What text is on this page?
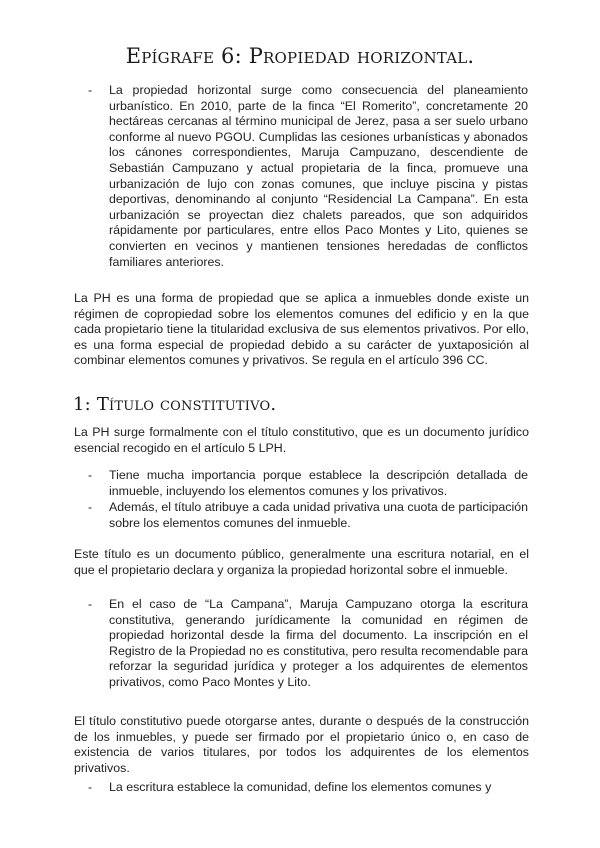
Epígrafe 6: Propiedad horizontal.
- La propiedad horizontal surge como consecuencia del planeamiento urbanístico. En 2010, parte de la finca “El Romerito”, concretamente 20 hectáreas cercanas al término municipal de Jerez, pasa a ser suelo urbano conforme al nuevo PGOU. Cumplidas las cesiones urbanísticas y abonados los cánones correspondientes, Maruja Campuzano, descendiente de Sebastián Campuzano y actual propietaria de la finca, promueve una urbanización de lujo con zonas comunes, que incluye piscina y pistas deportivas, denominando al conjunto “Residencial La Campana”. En esta urbanización se proyectan diez chalets pareados, que son adquiridos rápidamente por particulares, entre ellos Paco Montes y Lito, quienes se convierten en vecinos y mantienen tensiones heredadas de conflictos familiares anteriores.

La PH es una forma de propiedad que se aplica a inmuebles donde existe un régimen de copropiedad sobre los elementos comunes del edificio y en la que cada propietario tiene la titularidad exclusiva de sus elementos privativos. Por ello, es una forma especial de propiedad debido a su carácter de yuxtaposición al combinar elementos comunes y privativos. Se regula en el artículo 396 CC.

1: Título constitutivo.

La PH surge formalmente con el título constitutivo, que es un documento jurídico esencial recogido en el artículo 5 LPH.

- Tiene mucha importancia porque establece la descripción detallada de inmueble, incluyendo los elementos comunes y los privativos.
- Además, el título atribuye a cada unidad privativa una cuota de participación sobre los elementos comunes del inmueble.

Este título es un documento público, generalmente una escritura notarial, en el que el propietario declara y organiza la propiedad horizontal sobre el inmueble.

- En el caso de “La Campana”, Maruja Campuzano otorga la escritura constitutiva, generando jurídicamente la comunidad en régimen de propiedad horizontal desde la firma del documento. La inscripción en el Registro de la Propiedad no es constitutiva, pero resulta recomendable para reforzar la seguridad jurídica y proteger a los adquirentes de elementos privativos, como Paco Montes y Lito.

El título constitutivo puede otorgarse antes, durante o después de la construcción de los inmuebles, y puede ser firmado por el propietario único o, en caso de existencia de varios titulares, por todos los adquirentes de los elementos privativos.

- La escritura establece la comunidad, define los elementos comunes y
